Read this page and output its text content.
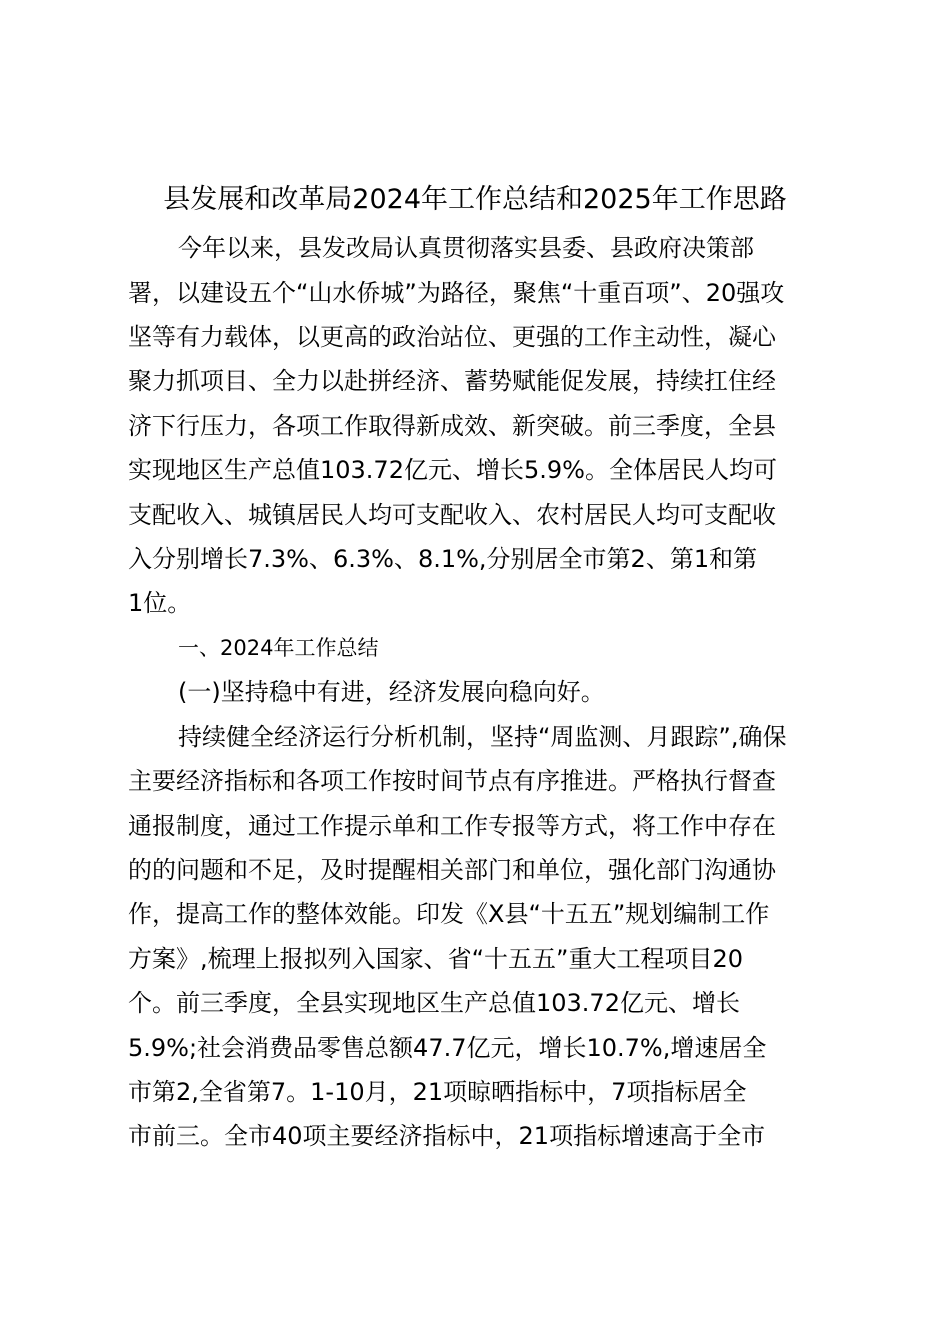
县发展和改革局2024年工作总结和2025年工作思路

今年以来，县发改局认真贯彻落实县委、县政府决策部

署，以建设五个“山水侨城”为路径，聚焦“十重百项”、20强攻

坚等有力载体，以更高的政治站位、更强的工作主动性，凝心

聚力抓项目、全力以赴拼经济、蓄势赋能促发展，持续扛住经

济下行压力，各项工作取得新成效、新突破。前三季度，全县

实现地区生产总值103.72亿元、增长5.9%。全体居民人均可

支配收入、城镇居民人均可支配收入、农村居民人均可支配收

入分别增长7.3%、6.3%、8.1%,分别居全市第2、第1和第

1位。

一、2024年工作总结

(一)坚持稳中有进，经济发展向稳向好。

持续健全经济运行分析机制，坚持“周监测、月跟踪”,确保

主要经济指标和各项工作按时间节点有序推进。严格执行督查

通报制度，通过工作提示单和工作专报等方式，将工作中存在

的的问题和不足，及时提醒相关部门和单位，强化部门沟通协

作，提高工作的整体效能。印发《X县“十五五”规划编制工作

方案》,梳理上报拟列入国家、省“十五五”重大工程项目20

个。前三季度，全县实现地区生产总值103.72亿元、增长

5.9%;社会消费品零售总额47.7亿元，增长10.7%,增速居全

市第2,全省第7。1-10月，21项晾晒指标中，7项指标居全

市前三。全市40项主要经济指标中，21项指标增速高于全市
